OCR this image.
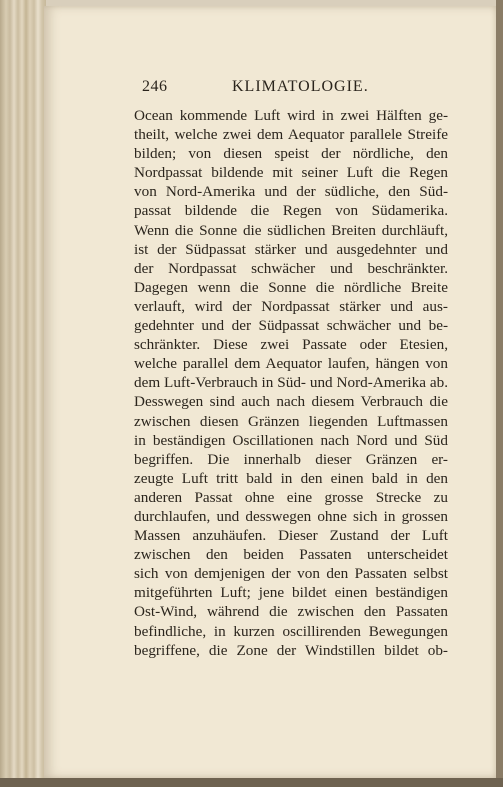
246	KLIMATOLOGIE.
Ocean kommende Luft wird in zwei Hälften ge-
theilt, welche zwei dem Aequator parallele Streife
bilden; von diesen speist der nördliche, den
Nordpassat bildende mit seiner Luft die Regen
von Nord-Amerika und der südliche, den Süd-
passat bildende die Regen von Südamerika.
Wenn die Sonne die südlichen Breiten durchläuft,
ist der Südpassat stärker und ausgedehnter und
der Nordpassat schwächer und beschränkter.
Dagegen wenn die Sonne die nördliche Breite
verlauft, wird der Nordpassat stärker und aus-
gedehnter und der Südpassat schwächer und be-
schränkter. Diese zwei Passate oder Etesien,
welche parallel dem Aequator laufen, hängen von
dem Luft-Verbrauch in Süd- und Nord-Amerika ab.
Desswegen sind auch nach diesem Verbrauch die
zwischen diesen Gränzen liegenden Luftmassen
in beständigen Oscillationen nach Nord und Süd
begriffen. Die innerhalb dieser Gränzen er-
zeugte Luft tritt bald in den einen bald in den
anderen Passat ohne eine grosse Strecke zu
durchlaufen, und desswegen ohne sich in grossen
Massen anzuhäufen. Dieser Zustand der Luft
zwischen den beiden Passaten unterscheidet
sich von demjenigen der von den Passaten selbst
mitgeführten Luft; jene bildet einen beständigen
Ost-Wind, während die zwischen den Passaten
befindliche, in kurzen oscillirenden Bewegungen
begriffene, die Zone der Windstillen bildet ob-
